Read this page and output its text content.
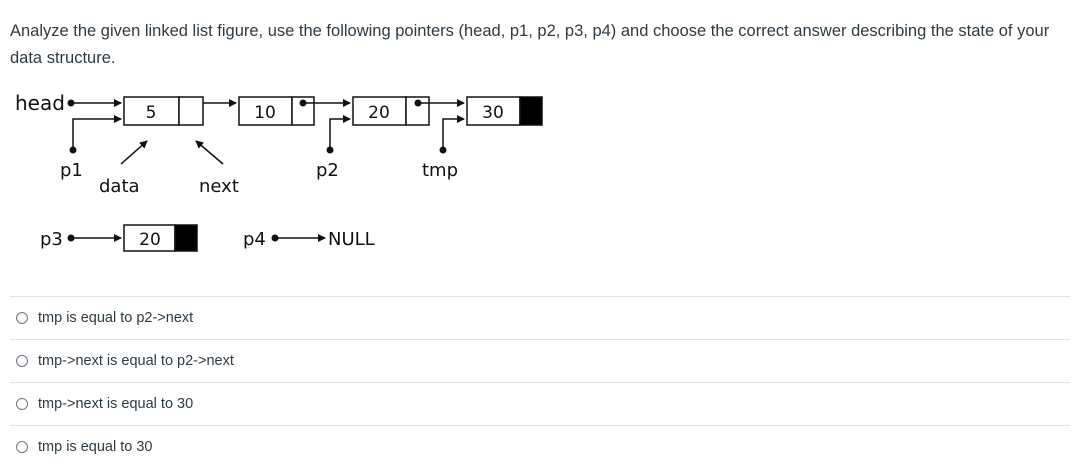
Analyze the given linked list figure, use the following pointers (head, p1, p2, p3, p4) and choose the correct answer describing the state of your data structure.
head	5	10	20	30
p1
data	next
p2	tmp
p3	20	p4	NULL
tmp is equal to p2->next
tmp->next is equal to p2->next
tmp->next is equal to 30
tmp is equal to 30
